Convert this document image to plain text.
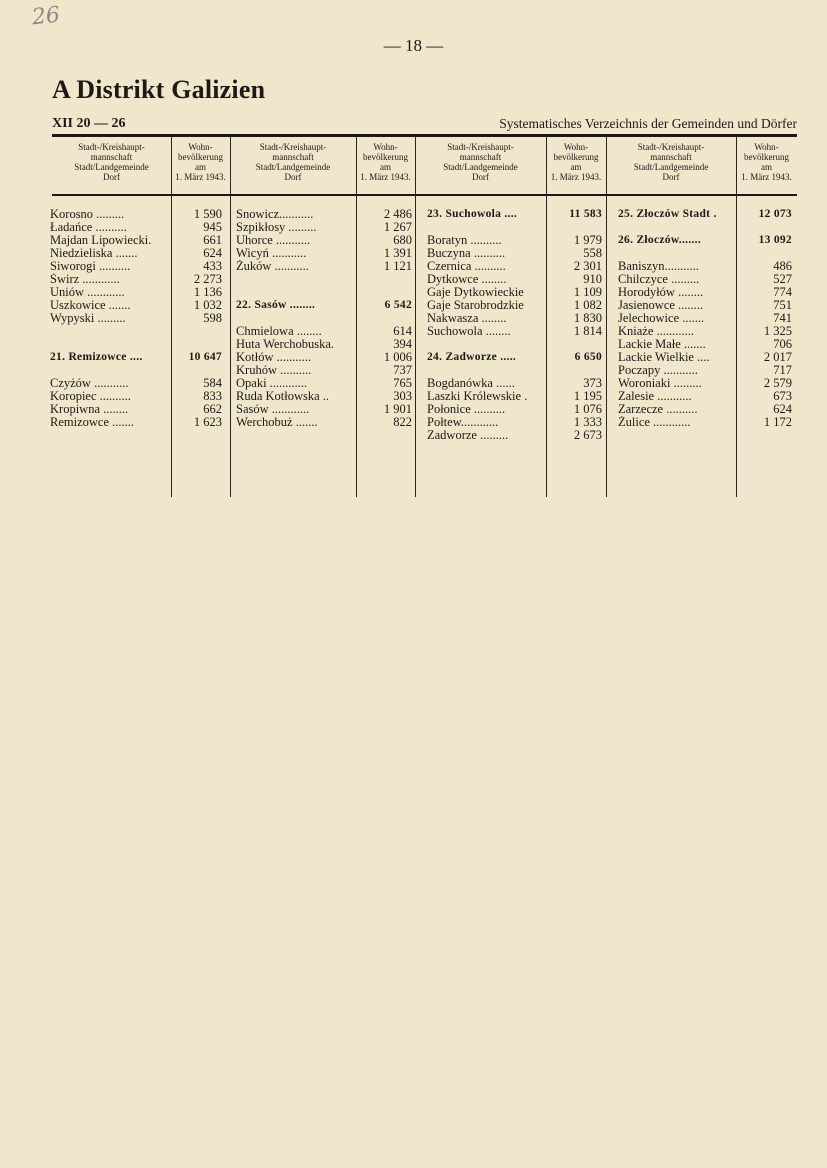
26
— 18 —
A Distrikt Galizien
XII 20 — 26	Systematisches Verzeichnis der Gemeinden und Dörfer
Stadt-/Kreishaupt-
mannschaft
Stadt/Landgemeinde
Dorf
Wohn-
bevölkerung
am
1. März 1943.
Stadt-/Kreishaupt-
mannschaft
Stadt/Landgemeinde
Dorf
Wohn-
bevölkerung
am
1. März 1943.
Stadt-/Kreishaupt-
mannschaft
Stadt/Landgemeinde
Dorf
Wohn-
bevölkerung
am
1. März 1943.
Stadt-/Kreishaupt-
mannschaft
Stadt/Landgemeinde
Dorf
Wohn-
bevölkerung
am
1. März 1943.
Korosno .........
Ładańce ..........
Majdan Lipowiecki.
Niedzieliska .......
Siworogi ..........
Świrz ............
Uniów ............
Uszkowice .......
Wypyski .........
21. Remizowce ....
Czyżów ...........
Koropiec ..........
Kropiwna ........
Remizowce .......
1 590
945
661
624
433
2 273
1 136
1 032
598
10 647
584
833
662
1 623
Snowicz...........
Szpikłosy .........
Uhorce ...........
Wicyń ...........
Żuków ...........
22. Sasów ........
Chmielowa ........
Huta Werchobuska.
Kotłów ...........
Kruhów ..........
Opaki ............
Ruda Kotłowska ..
Sasów ............
Werchobuż .......
2 486
1 267
680
1 391
1 121
6 542
614
394
1 006
737
765
303
1 901
822
23. Suchowola ....
Boratyn ..........
Buczyna ..........
Czernica ..........
Dytkowce ........
Gaje Dytkowieckie
Gaje Starobrodzkie
Nakwasza ........
Suchowola ........
24. Zadworze .....
Bogdanówka ......
Laszki Królewskie .
Połonice ..........
Połtew............
Zadworze .........
11 583
1 979
558
2 301
910
1 109
1 082
1 830
1 814
6 650
373
1 195
1 076
1 333
2 673
25. Złoczów Stadt .
26. Złoczów.......
Baniszyn...........
Chilczyce .........
Horodyłów ........
Jasienowce ........
Jelechowice .......
Kniaże ............
Lackie Małe .......
Lackie Wielkie ....
Poczapy ...........
Woroniaki .........
Zalesie ...........
Zarzecze ..........
Żulice ............
12 073
13 092
486
527
774
751
741
1 325
706
2 017
717
2 579
673
624
1 172
